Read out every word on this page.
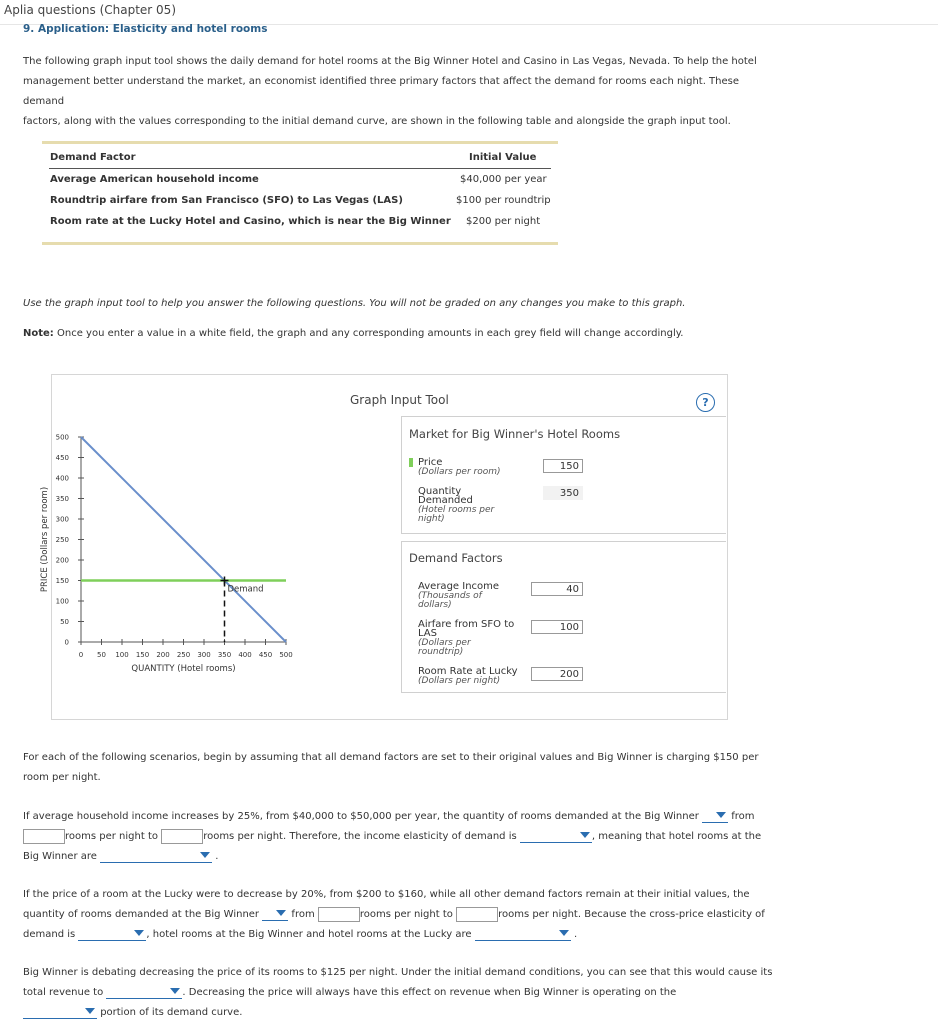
Aplia questions (Chapter 05)
9. Application: Elasticity and hotel rooms
The following graph input tool shows the daily demand for hotel rooms at the Big Winner Hotel and Casino in Las Vegas, Nevada. To help the hotel
management better understand the market, an economist identified three primary factors that affect the demand for rooms each night. These demand
factors, along with the values corresponding to the initial demand curve, are shown in the following table and alongside the graph input tool.
Demand Factor	Initial Value
Average American household income	$40,000 per year
Roundtrip airfare from San Francisco (SFO) to Las Vegas (LAS)	$100 per roundtrip
Room rate at the Lucky Hotel and Casino, which is near the Big Winner $200 per night
Use the graph input tool to help you answer the following questions. You will not be graded on any changes you make to this graph.
Note: Once you enter a value in a white field, the graph and any corresponding amounts in each grey field will change accordingly.
0
50
100
150
200
250
300
350
400
450
500
0 50 100 150 200 250 300 350 400 450 500
QUANTITY (Hotel rooms)
PRICE (Dollars per room)	Demand
Graph Input Tool	?
Market for Big Winner's Hotel Rooms
Price
(Dollars per room)	150
Quantity
Demanded
(Hotel rooms per
night)
350
Demand Factors
Average Income
(Thousands of
dollars)
40
Airfare from SFO to
LAS
(Dollars per
roundtrip)
100
Room Rate at Lucky
(Dollars per night)
200
For each of the following scenarios, begin by assuming that all demand factors are set to their original values and Big Winner is charging $150 per
room per night.
If average household income increases by 25%, from $40,000 to $50,000 per year, the quantity of rooms demanded at the Big Winner	from
rooms per night to	rooms per night. Therefore, the income elasticity of demand is	, meaning that hotel rooms at the
Big Winner are	.
If the price of a room at the Lucky were to decrease by 20%, from $200 to $160, while all other demand factors remain at their initial values, the
quantity of rooms demanded at the Big Winner	from	rooms per night to	rooms per night. Because the cross-price elasticity of
demand is	, hotel rooms at the Big Winner and hotel rooms at the Lucky are	.
Big Winner is debating decreasing the price of its rooms to $125 per night. Under the initial demand conditions, you can see that this would cause its
total revenue to	. Decreasing the price will always have this effect on revenue when Big Winner is operating on the
portion of its demand curve.
